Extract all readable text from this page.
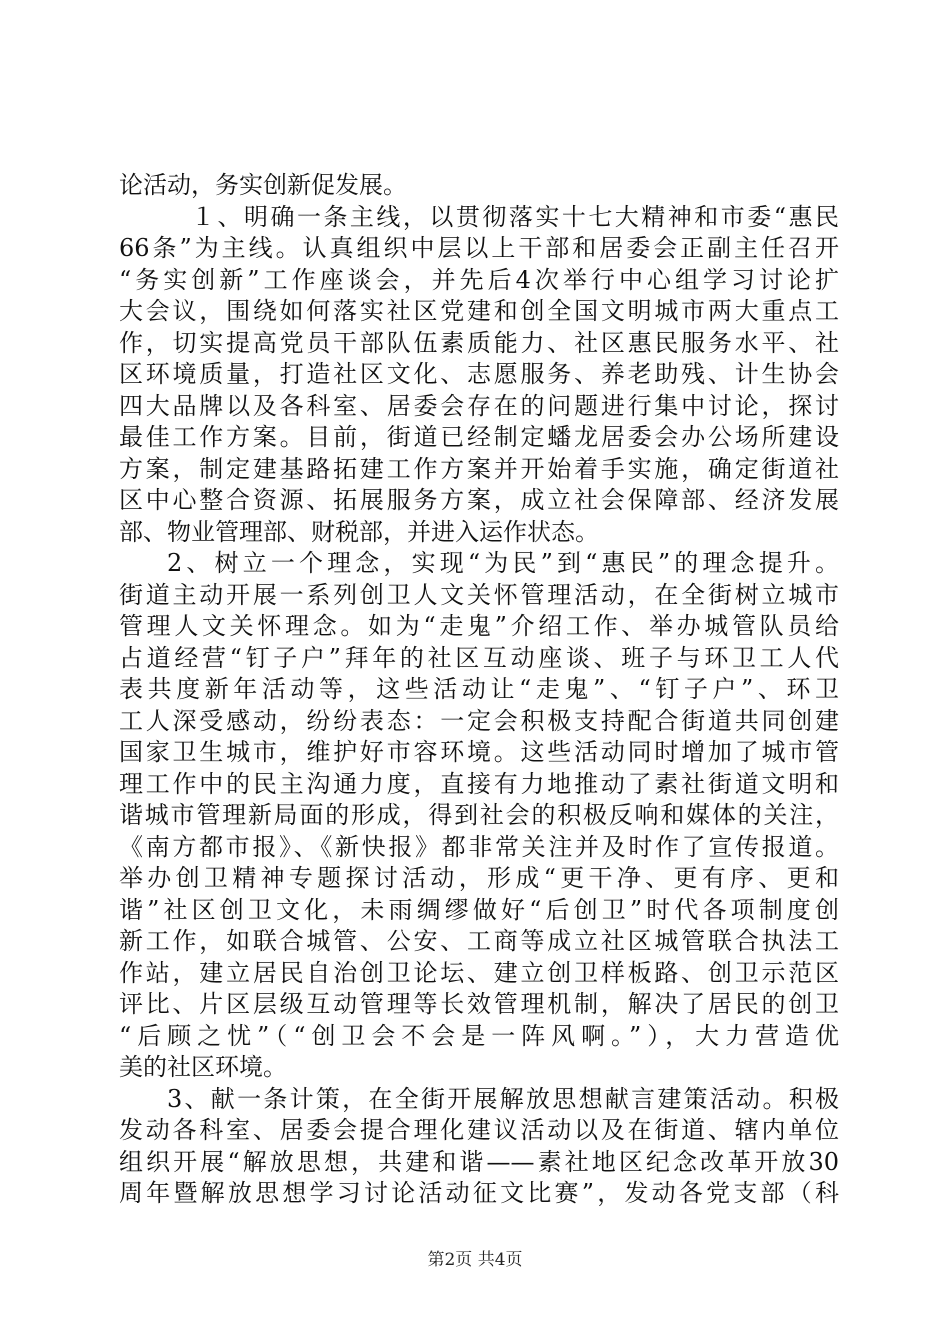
论活动，务实创新促发展。
１、明确一条主线，以贯彻落实十七大精神和市委“惠民
66条”为主线。认真组织中层以上干部和居委会正副主任召开
“务实创新”工作座谈会，并先后4次举行中心组学习讨论扩
大会议，围绕如何落实社区党建和创全国文明城市两大重点工
作，切实提高党员干部队伍素质能力、社区惠民服务水平、社
区环境质量，打造社区文化、志愿服务、养老助残、计生协会
四大品牌以及各科室、居委会存在的问题进行集中讨论，探讨
最佳工作方案。目前，街道已经制定蟠龙居委会办公场所建设
方案，制定建基路拓建工作方案并开始着手实施，确定街道社
区中心整合资源、拓展服务方案，成立社会保障部、经济发展
部、物业管理部、财税部，并进入运作状态。
2、树立一个理念，实现“为民”到“惠民”的理念提升。
街道主动开展一系列创卫人文关怀管理活动，在全街树立城市
管理人文关怀理念。如为“走鬼”介绍工作、举办城管队员给
占道经营“钉子户”拜年的社区互动座谈、班子与环卫工人代
表共度新年活动等，这些活动让“走鬼”、“钉子户”、环卫
工人深受感动，纷纷表态：一定会积极支持配合街道共同创建
国家卫生城市，维护好市容环境。这些活动同时增加了城市管
理工作中的民主沟通力度，直接有力地推动了素社街道文明和
谐城市管理新局面的形成，得到社会的积极反响和媒体的关注，
《南方都市报》、《新快报》都非常关注并及时作了宣传报道。
举办创卫精神专题探讨活动，形成“更干净、更有序、更和
谐”社区创卫文化，未雨绸缪做好“后创卫”时代各项制度创
新工作，如联合城管、公安、工商等成立社区城管联合执法工
作站，建立居民自治创卫论坛、建立创卫样板路、创卫示范区
评比、片区层级互动管理等长效管理机制，解决了居民的创卫
“后顾之忧”（“创卫会不会是一阵风啊。”），大力营造优
美的社区环境。
3、献一条计策，在全街开展解放思想献言建策活动。积极
发动各科室、居委会提合理化建议活动以及在街道、辖内单位
组织开展“解放思想，共建和谐——素社地区纪念改革开放30
周年暨解放思想学习讨论活动征文比赛”，发动各党支部（科
第2页 共4页
